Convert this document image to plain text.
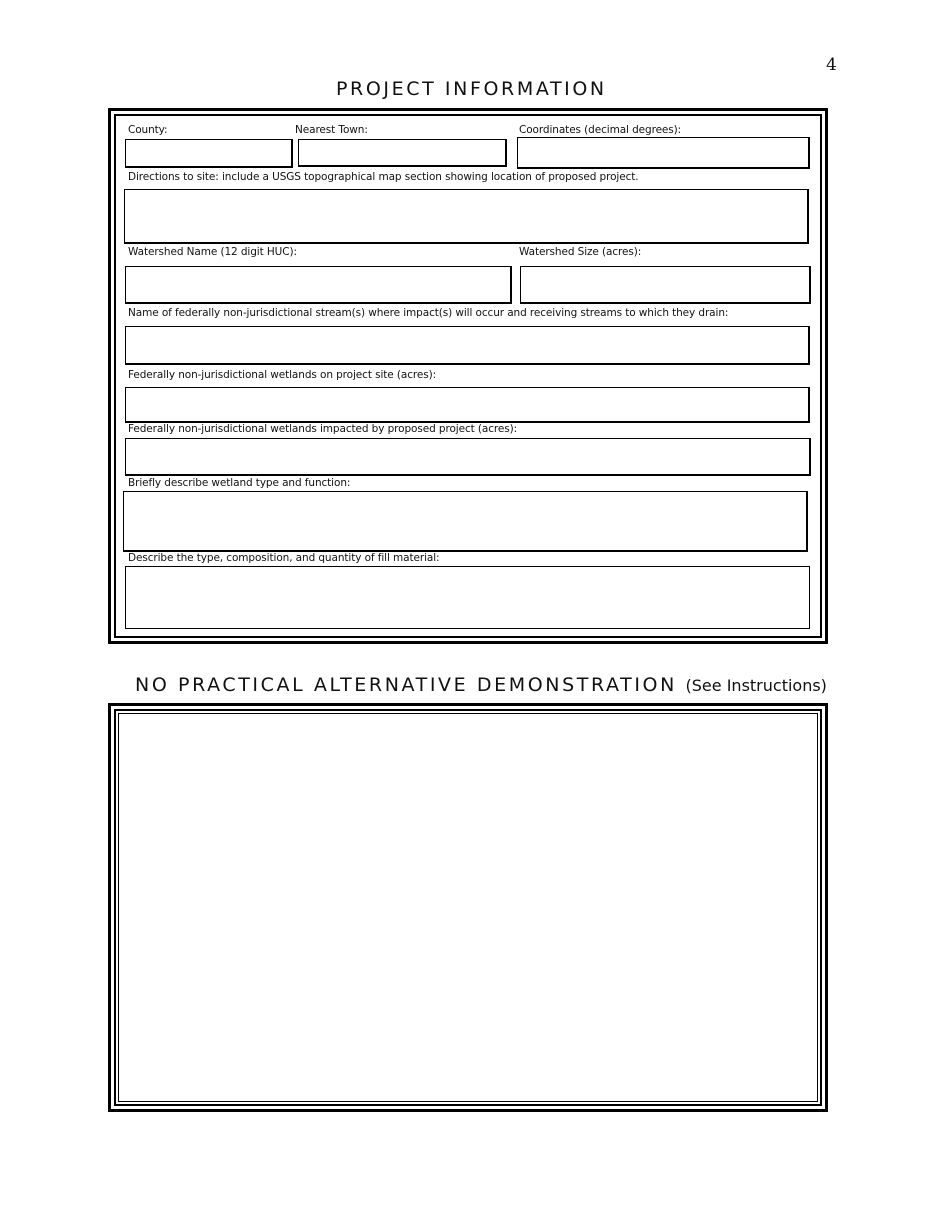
4
PROJECT INFORMATION
County:	Nearest Town:	Coordinates (decimal degrees):
Directions to site: include a USGS topographical map section showing location of proposed project.
Watershed Name (12 digit HUC):	Watershed Size (acres):
Name of federally non-jurisdictional stream(s) where impact(s) will occur and receiving streams to which they drain:
Federally non-jurisdictional wetlands on project site (acres):
Federally non-jurisdictional wetlands impacted by proposed project (acres):
Briefly describe wetland type and function:
Describe the type, composition, and quantity of fill material:
NO PRACTICAL ALTERNATIVE DEMONSTRATION (See Instructions)
